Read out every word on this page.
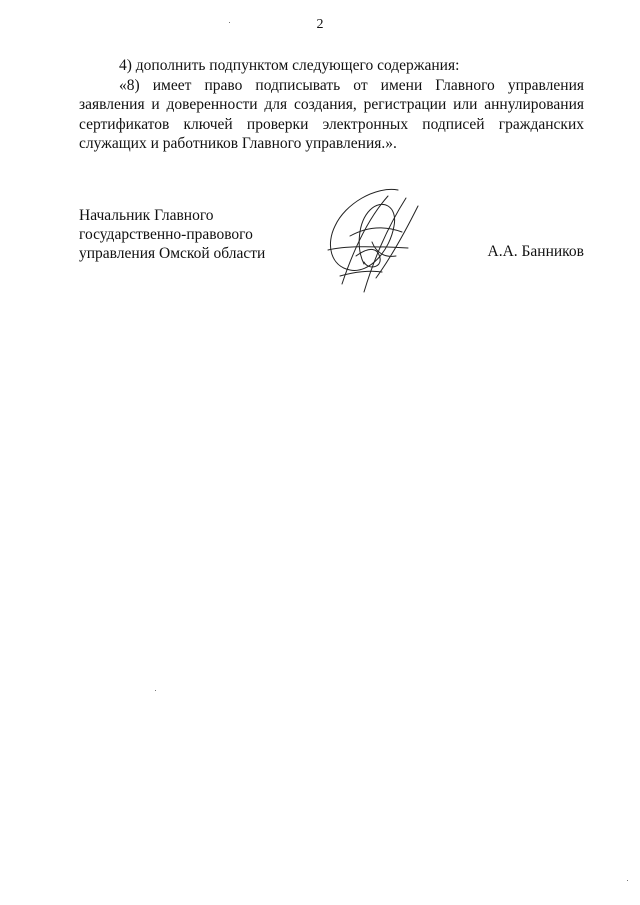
2

4) дополнить подпунктом следующего содержания:

«8) имеет право подписывать от имени Главного управления заявления и доверенности для создания, регистрации или аннулирования сертификатов ключей проверки электронных подписей гражданских служащих и работников Главного управления.».

Начальник Главного
государственно-правового
управления Омской области	А.А. Банников
